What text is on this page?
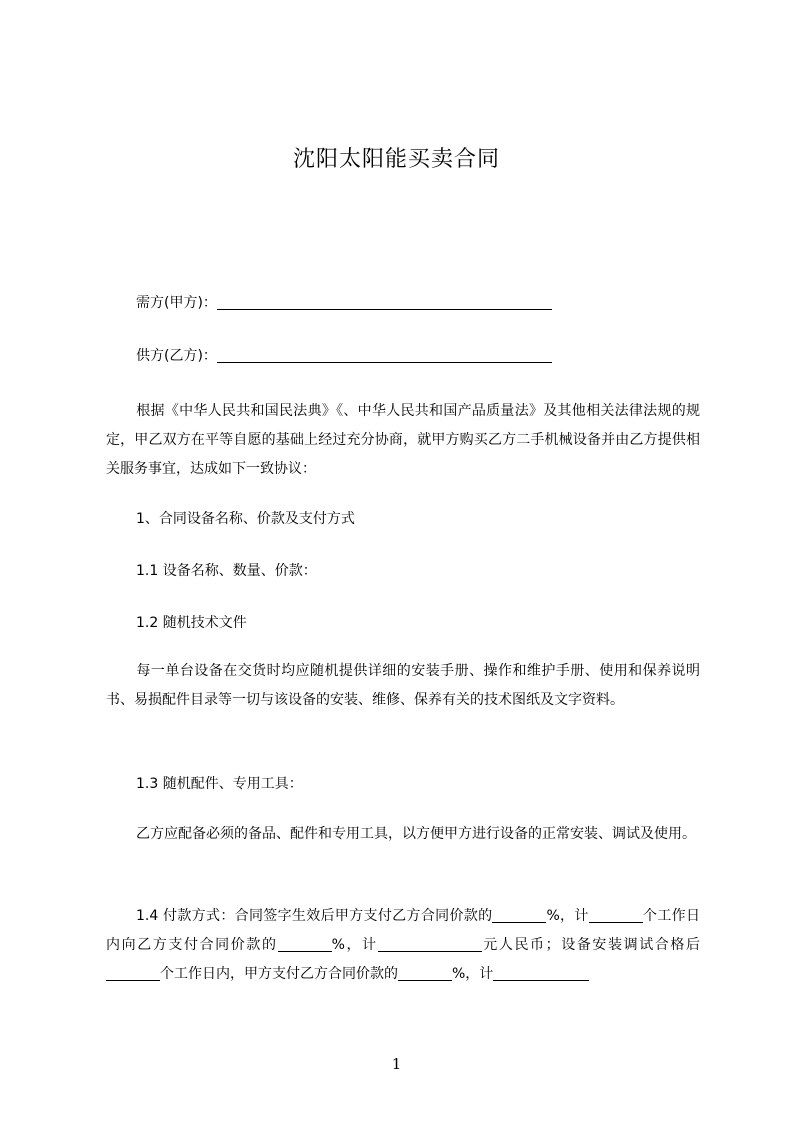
沈阳太阳能买卖合同
需方(甲方)：
供方(乙方)：
根据《中华人民共和国民法典》《、中华人民共和国产品质量法》及其他相关法律法规的规定，甲乙双方在平等自愿的基础上经过充分协商，就甲方购买乙方二手机械设备并由乙方提供相关服务事宜，达成如下一致协议：
1、合同设备名称、价款及支付方式
1.1 设备名称、数量、价款：
1.2 随机技术文件
每一单台设备在交货时均应随机提供详细的安装手册、操作和维护手册、使用和保养说明书、易损配件目录等一切与该设备的安装、维修、保养有关的技术图纸及文字资料。
1.3 随机配件、专用工具：
乙方应配备必须的备品、配件和专用工具，以方便甲方进行设备的正常安装、调试及使用。
1.4 付款方式：合同签字生效后甲方支付乙方合同价款的	%，计	个工作日内向乙方支付合同价款的	%，计	元人民币；设备安装调试合格后个工作日内，甲方支付乙方合同价款的	%，计
1
